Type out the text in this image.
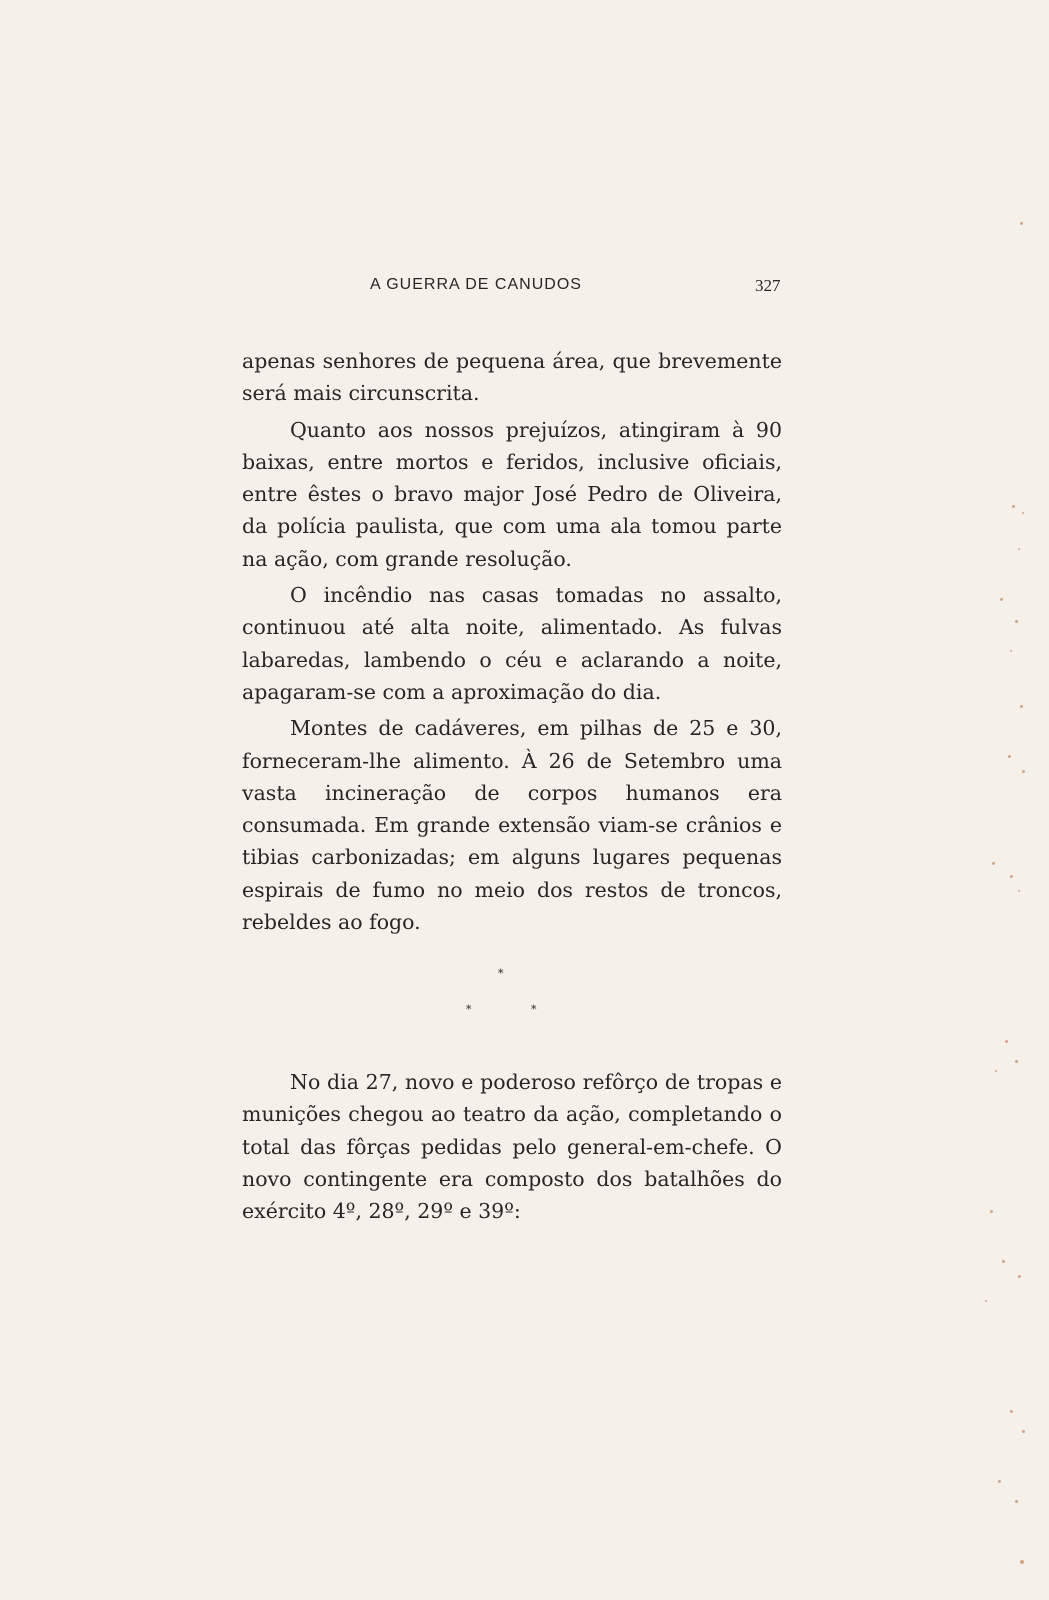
A GUERRA DE CANUDOS	327

apenas senhores de pequena área, que brevemente será mais circunscrita.

Quanto aos nossos prejuízos, atingiram à 90 baixas, entre mortos e feridos, inclusive oficiais, entre êstes o bravo major José Pedro de Oliveira, da polícia paulista, que com uma ala tomou parte na ação, com grande resolução.

O incêndio nas casas tomadas no assalto, continuou até alta noite, alimentado. As fulvas labaredas, lambendo o céu e aclarando a noite, apagaram-se com a aproximação do dia.

Montes de cadáveres, em pilhas de 25 e 30, forneceram-lhe alimento. À 26 de Setembro uma vasta incineração de corpos humanos era consumada. Em grande extensão viam-se crânios e tibias carbonizadas; em alguns lugares pequenas espirais de fumo no meio dos restos de troncos, rebeldes ao fogo.

*
*	*

No dia 27, novo e poderoso refôrço de tropas e munições chegou ao teatro da ação, completando o total das fôrças pedidas pelo general-em-chefe. O novo contingente era composto dos batalhões do exército 4º, 28º, 29º e 39º:
